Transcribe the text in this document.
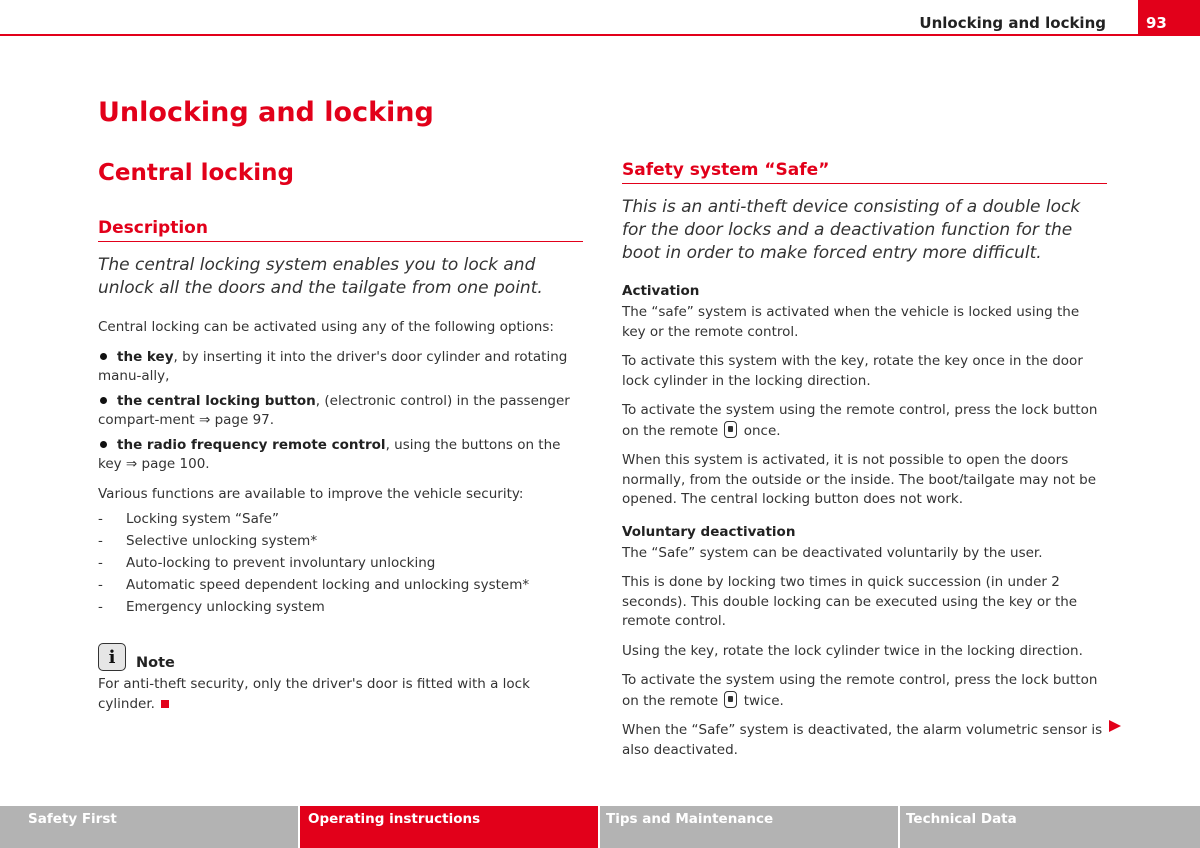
Unlocking and locking	93
Unlocking and locking
Central locking
Description

The central locking system enables you to lock and unlock all the doors and the tailgate from one point.

Central locking can be activated using any of the following options:

the key, by inserting it into the driver's door cylinder and rotating manu-ally,
the central locking button, (electronic control) in the passenger compart-ment ⇒ page 97.
the radio frequency remote control, using the buttons on the key ⇒ page 100.

Various functions are available to improve the vehicle security:

- Locking system “Safe”
- Selective unlocking system*
- Auto-locking to prevent involuntary unlocking
- Automatic speed dependent locking and unlocking system*
- Emergency unlocking system
i	Note
For anti-theft security, only the driver's door is fitted with a lock cylinder.
Safety system “Safe”

This is an anti-theft device consisting of a double lock for the door locks and a deactivation function for the boot in order to make forced entry more difficult.

Activation

The “safe” system is activated when the vehicle is locked using the key or the remote control.

To activate this system with the key, rotate the key once in the door lock cylinder in the locking direction.

To activate the system using the remote control, press the lock button on the remote  once.

When this system is activated, it is not possible to open the doors normally, from the outside or the inside. The boot/tailgate may not be opened. The central locking button does not work.

Voluntary deactivation

The “Safe” system can be deactivated voluntarily by the user.

This is done by locking two times in quick succession (in under 2 seconds). This double locking can be executed using the key or the remote control.

Using the key, rotate the lock cylinder twice in the locking direction.

To activate the system using the remote control, press the lock button on the remote  twice.

When the “Safe” system is deactivated, the alarm volumetric sensor is also deactivated.

Safety First	Operating instructions	Tips and Maintenance	Technical Data
